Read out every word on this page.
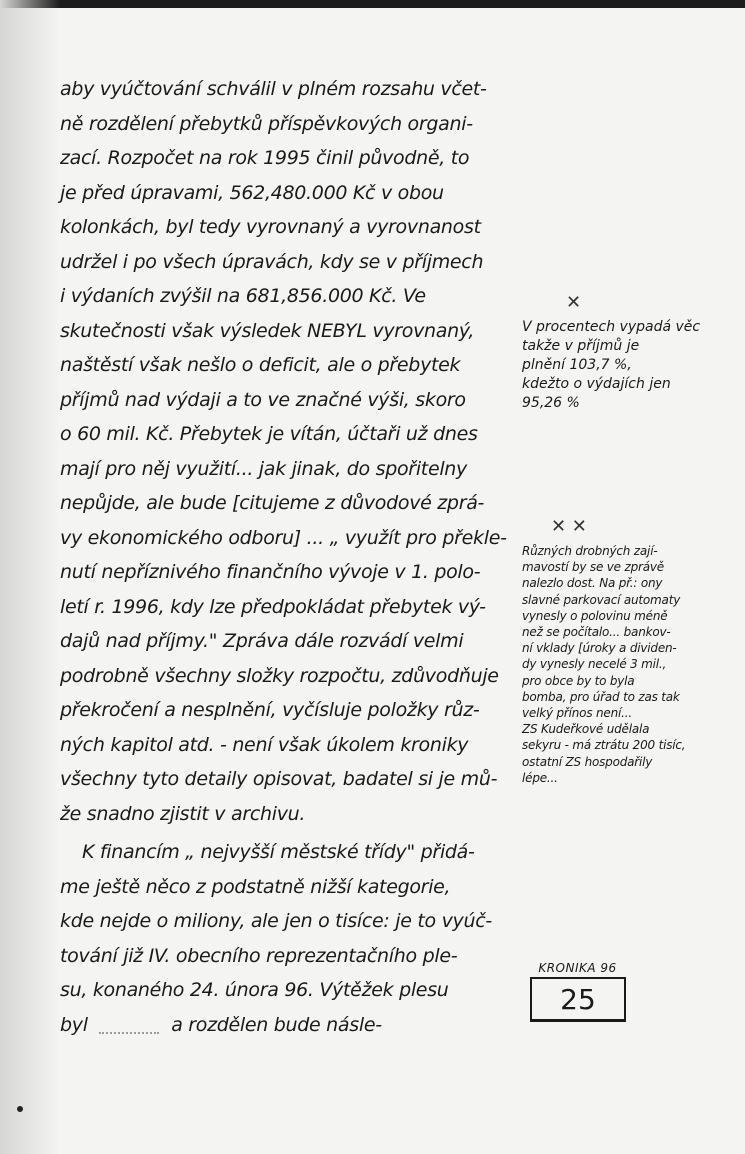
aby vyúčtování schválil v plném rozsahu včet-
ně rozdělení přebytků příspěvkových organi-
zací. Rozpočet na rok 1995 činil původně, to
je před úpravami, 562,480.000 Kč v obou
kolonkách, byl tedy vyrovnaný a vyrovnanost
udržel i po všech úpravách, kdy se v příjmech
i výdaních zvýšil na 681,856.000 Kč. Ve
skutečnosti však výsledek NEBYL vyrovnaný,
naštěstí však nešlo o deficit, ale o přebytek
příjmů nad výdaji a to ve značné výši, skoro
o 60 mil. Kč. Přebytek je vítán, účtaři už dnes
mají pro něj využití... jak jinak, do spořitelny
nepůjde, ale bude [citujeme z důvodové zprá-
vy ekonomického odboru] ... „ využít pro překle-
nutí nepříznivého finančního vývoje v 1. polo-
letí r. 1996, kdy lze předpokládat přebytek vý-
dajů nad příjmy." Zpráva dále rozvádí velmi
podrobně všechny složky rozpočtu, zdůvodňuje
překročení a nesplnění, vyčísluje položky růz-
ných kapitol atd. - není však úkolem kroniky
všechny tyto detaily opisovat, badatel si je mů-
že snadno zjistit v archivu.
K financím „ nejvyšší městské třídy" přidá-
me ještě něco z podstatně nižší kategorie,
kde nejde o miliony, ale jen o tisíce: je to vyúč-
tování již IV. obecního reprezentačního ple-
su, konaného 24. února 96. Výtěžek plesu
byl	a rozdělen bude násle-
✕
V procentech vypadá věc
takže v příjmů je
plnění 103,7 %,
kdežto o výdajích jen
95,26 %
✕ ✕
Různých drobných zají-
mavostí by se ve zprávě
nalezlo dost. Na př.: ony
slavné parkovací automaty
vynesly o polovinu méně
než se počítalo... bankov-
ní vklady [úroky a dividen-
dy vynesly necelé 3 mil.,
pro obce by to byla
bomba, pro úřad to zas tak
velký přínos není...
ZS Kudeřkové udělala
sekyru - má ztrátu 200 tisíc,
ostatní ZS hospodařily
lépe...
KRONIKA 96
25
